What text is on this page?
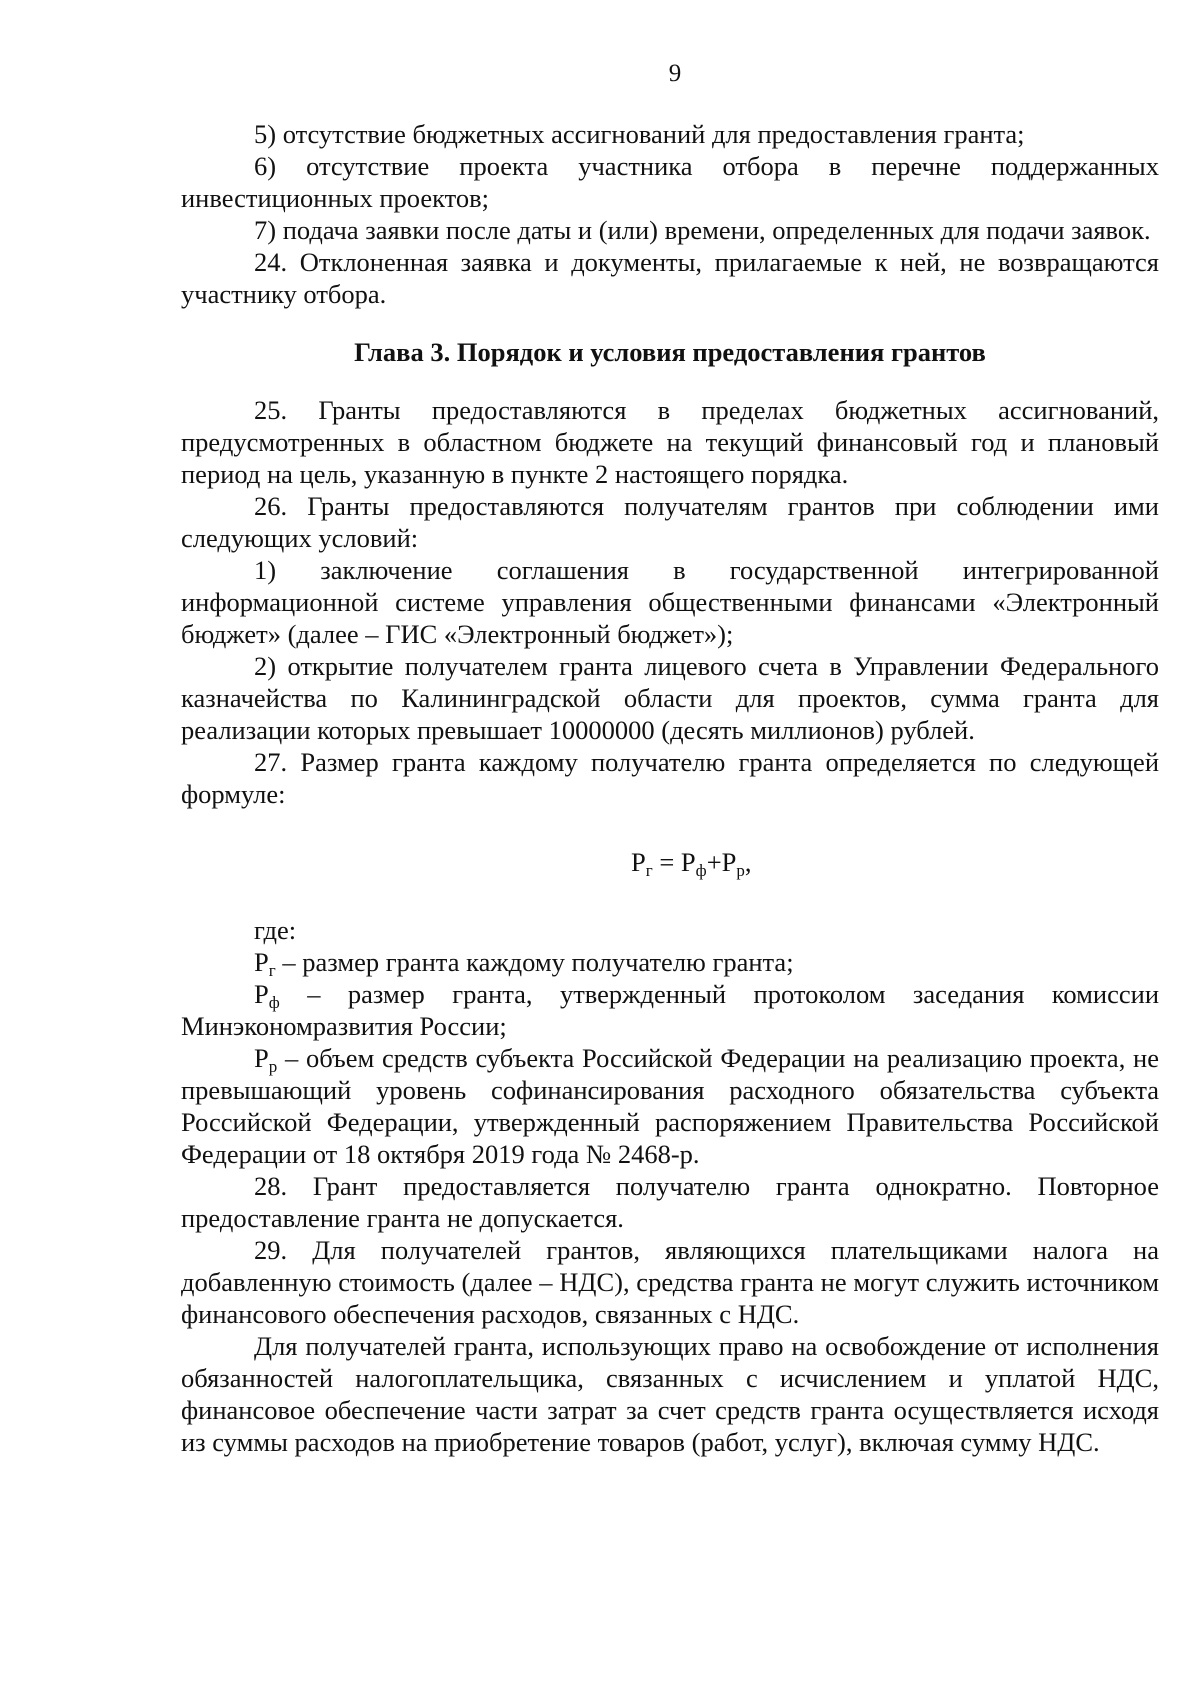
9

5) отсутствие бюджетных ассигнований для предоставления гранта;

6) отсутствие проекта участника отбора в перечне поддержанных инвестиционных проектов;

7) подача заявки после даты и (или) времени, определенных для подачи заявок.

24. Отклоненная заявка и документы, прилагаемые к ней, не возвращаются участнику отбора.

Глава 3. Порядок и условия предоставления грантов

25. Гранты предоставляются в пределах бюджетных ассигнований, предусмотренных в областном бюджете на текущий финансовый год и плановый период на цель, указанную в пункте 2 настоящего порядка.

26. Гранты предоставляются получателям грантов при соблюдении ими следующих условий:

1) заключение соглашения в государственной интегрированной информационной системе управления общественными финансами «Электронный бюджет» (далее – ГИС «Электронный бюджет»);

2) открытие получателем гранта лицевого счета в Управлении Федерального казначейства по Калининградской области для проектов, сумма гранта для реализации которых превышает 10000000 (десять миллионов) рублей.

27. Размер гранта каждому получателю гранта определяется по следующей формуле:

$P_г = P_ф+P_р$,

где:

$P_г$ – размер гранта каждому получателю гранта;

$P_ф$ – размер гранта, утвержденный протоколом заседания комиссии Минэкономразвития России;

$P_р$ – объем средств субъекта Российской Федерации на реализацию проекта, не превышающий уровень софинансирования расходного обязательства субъекта Российской Федерации, утвержденный распоряжением Правительства Российской Федерации от 18 октября 2019 года № 2468-р.

28. Грант предоставляется получателю гранта однократно. Повторное предоставление гранта не допускается.

29. Для получателей грантов, являющихся плательщиками налога на добавленную стоимость (далее – НДС), средства гранта не могут служить источником финансового обеспечения расходов, связанных с НДС.

Для получателей гранта, использующих право на освобождение от исполнения обязанностей налогоплательщика, связанных с исчислением и уплатой НДС, финансовое обеспечение части затрат за счет средств гранта осуществляется исходя из суммы расходов на приобретение товаров (работ, услуг), включая сумму НДС.
